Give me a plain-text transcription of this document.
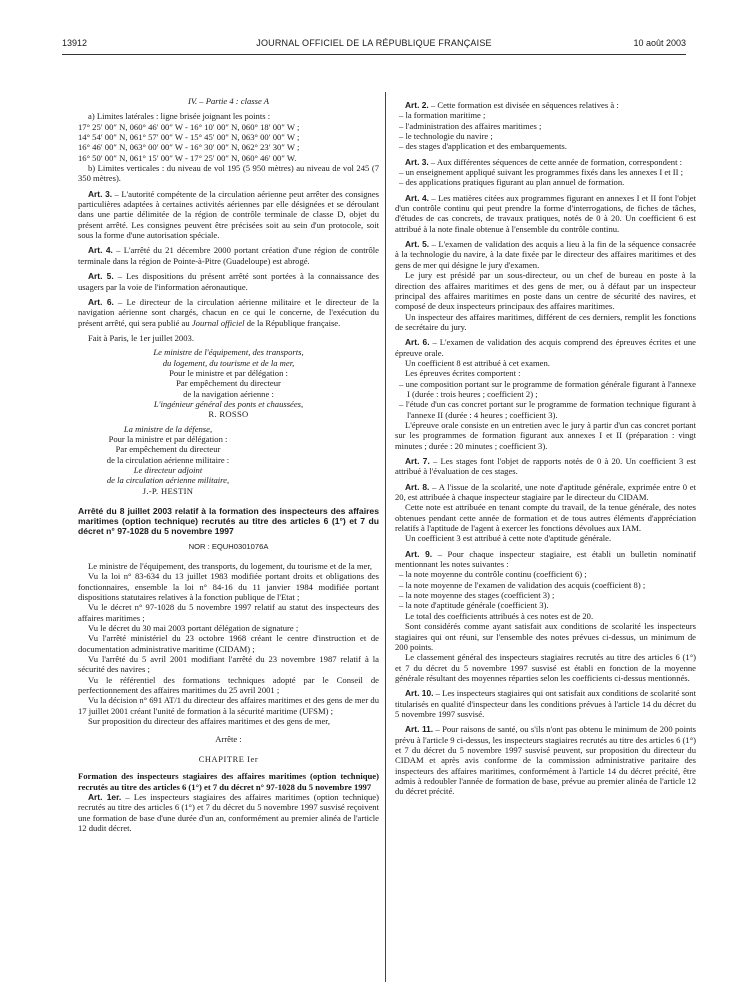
13912	JOURNAL OFFICIEL DE LA RÉPUBLIQUE FRANÇAISE	10 août 2003

IV. – Partie 4 : classe A

a) Limites latérales : ligne brisée joignant les points :

17° 25′ 00″ N, 060° 46′ 00″ W - 16° 10′ 00″ N, 060° 18′ 00″ W ;

14° 54′ 00″ N, 061° 57′ 00″ W - 15° 45′ 00″ N, 063° 00′ 00″ W ;

16° 46′ 00″ N, 063° 00′ 00″ W - 16° 30′ 00″ N, 062° 23′ 30″ W ;

16° 50′ 00″ N, 061° 15′ 00″ W - 17° 25′ 00″ N, 060° 46′ 00″ W.

b) Limites verticales : du niveau de vol 195 (5 950 mètres) au niveau de vol 245 (7 350 mètres).

Art. 3. – L'autorité compétente de la circulation aérienne peut arrêter des consignes particulières adaptées à certaines activités aériennes par elle désignées et se déroulant dans une partie délimitée de la région de contrôle terminale de classe D, objet du présent arrêté. Les consignes peuvent être précisées soit au sein d'un protocole, soit sous la forme d'une autorisation spéciale.

Art. 4. – L'arrêté du 21 décembre 2000 portant création d'une région de contrôle terminale dans la région de Pointe-à-Pitre (Guadeloupe) est abrogé.

Art. 5. – Les dispositions du présent arrêté sont portées à la connaissance des usagers par la voie de l'information aéronautique.

Art. 6. – Le directeur de la circulation aérienne militaire et le directeur de la navigation aérienne sont chargés, chacun en ce qui le concerne, de l'exécution du présent arrêté, qui sera publié au Journal officiel de la République française.

Fait à Paris, le 1er juillet 2003.

Le ministre de l'équipement, des transports,

du logement, du tourisme et de la mer,

Pour le ministre et par délégation :

Par empêchement du directeur

de la navigation aérienne :

L'ingénieur général des ponts et chaussées,

R. ROSSO

La ministre de la défense,

Pour la ministre et par délégation :

Par empêchement du directeur

de la circulation aérienne militaire :

Le directeur adjoint

de la circulation aérienne militaire,

J.-P. HESTIN

Arrêté du 8 juillet 2003 relatif à la formation des inspecteurs des affaires maritimes (option technique) recrutés au titre des articles 6 (1°) et 7 du décret n° 97-1028 du 5 novembre 1997

NOR : EQUH0301076A

Le ministre de l'équipement, des transports, du logement, du tourisme et de la mer,

Vu la loi n° 83-634 du 13 juillet 1983 modifiée portant droits et obligations des fonctionnaires, ensemble la loi n° 84-16 du 11 janvier 1984 modifiée portant dispositions statutaires relatives à la fonction publique de l'Etat ;

Vu le décret n° 97-1028 du 5 novembre 1997 relatif au statut des inspecteurs des affaires maritimes ;

Vu le décret du 30 mai 2003 portant délégation de signature ;

Vu l'arrêté ministériel du 23 octobre 1968 créant le centre d'instruction et de documentation administrative maritime (CIDAM) ;

Vu l'arrêté du 5 avril 2001 modifiant l'arrêté du 23 novembre 1987 relatif à la sécurité des navires ;

Vu le référentiel des formations techniques adopté par le Conseil de perfectionnement des affaires maritimes du 25 avril 2001 ;

Vu la décision n° 691 AT/1 du directeur des affaires maritimes et des gens de mer du 17 juillet 2001 créant l'unité de formation à la sécurité maritime (UFSM) ;

Sur proposition du directeur des affaires maritimes et des gens de mer,

Arrête :

CHAPITRE Ier

Formation des inspecteurs stagiaires des affaires maritimes (option technique) recrutés au titre des articles 6 (1°) et 7 du décret n° 97-1028 du 5 novembre 1997

Art. 1er. – Les inspecteurs stagiaires des affaires maritimes (option technique) recrutés au titre des articles 6 (1°) et 7 du décret du 5 novembre 1997 susvisé reçoivent une formation de base d'une durée d'un an, conformément au premier alinéa de l'article 12 dudit décret.

Art. 2. – Cette formation est divisée en séquences relatives à :

– la formation maritime ;

– l'administration des affaires maritimes ;

– le technologie du navire ;

– des stages d'application et des embarquements.

Art. 3. – Aux différentes séquences de cette année de formation, correspondent :

– un enseignement appliqué suivant les programmes fixés dans les annexes I et II ;

– des applications pratiques figurant au plan annuel de formation.

Art. 4. – Les matières citées aux programmes figurant en annexes I et II font l'objet d'un contrôle continu qui peut prendre la forme d'interrogations, de fiches de tâches, d'études de cas concrets, de travaux pratiques, notés de 0 à 20. Un coefficient 6 est attribué à la note finale obtenue à l'ensemble du contrôle continu.

Art. 5. – L'examen de validation des acquis a lieu à la fin de la séquence consacrée à la technologie du navire, à la date fixée par le directeur des affaires maritimes et des gens de mer qui désigne le jury d'examen.

Le jury est présidé par un sous-directeur, ou un chef de bureau en poste à la direction des affaires maritimes et des gens de mer, ou à défaut par un inspecteur principal des affaires maritimes en poste dans un centre de sécurité des navires, et composé de deux inspecteurs principaux des affaires maritimes.

Un inspecteur des affaires maritimes, différent de ces derniers, remplit les fonctions de secrétaire du jury.

Art. 6. – L'examen de validation des acquis comprend des épreuves écrites et une épreuve orale.

Un coefficient 8 est attribué à cet examen.

Les épreuves écrites comportent :

– une composition portant sur le programme de formation générale figurant à l'annexe I (durée : trois heures ; coefficient 2) ;

– l'étude d'un cas concret portant sur le programme de formation technique figurant à l'annexe II (durée : 4 heures ; coefficient 3).

L'épreuve orale consiste en un entretien avec le jury à partir d'un cas concret portant sur les programmes de formation figurant aux annexes I et II (préparation : vingt minutes ; durée : 20 minutes ; coefficient 3).

Art. 7. – Les stages font l'objet de rapports notés de 0 à 20. Un coefficient 3 est attribué à l'évaluation de ces stages.

Art. 8. – A l'issue de la scolarité, une note d'aptitude générale, exprimée entre 0 et 20, est attribuée à chaque inspecteur stagiaire par le directeur du CIDAM.

Cette note est attribuée en tenant compte du travail, de la tenue générale, des notes obtenues pendant cette année de formation et de tous autres éléments d'appréciation relatifs à l'aptitude de l'agent à exercer les fonctions dévolues aux IAM.

Un coefficient 3 est attribué à cette note d'aptitude générale.

Art. 9. – Pour chaque inspecteur stagiaire, est établi un bulletin nominatif mentionnant les notes suivantes :

– la note moyenne du contrôle continu (coefficient 6) ;

– la note moyenne de l'examen de validation des acquis (coefficient 8) ;

– la note moyenne des stages (coefficient 3) ;

– la note d'aptitude générale (coefficient 3).

Le total des coefficients attribués à ces notes est de 20.

Sont considérés comme ayant satisfait aux conditions de scolarité les inspecteurs stagiaires qui ont réuni, sur l'ensemble des notes prévues ci-dessus, un minimum de 200 points.

Le classement général des inspecteurs stagiaires recrutés au titre des articles 6 (1°) et 7 du décret du 5 novembre 1997 susvisé est établi en fonction de la moyenne générale résultant des moyennes réparties selon les coefficients ci-dessus mentionnés.

Art. 10. – Les inspecteurs stagiaires qui ont satisfait aux conditions de scolarité sont titularisés en qualité d'inspecteur dans les conditions prévues à l'article 14 du décret du 5 novembre 1997 susvisé.

Art. 11. – Pour raisons de santé, ou s'ils n'ont pas obtenu le minimum de 200 points prévu à l'article 9 ci-dessus, les inspecteurs stagiaires recrutés au titre des articles 6 (1°) et 7 du décret du 5 novembre 1997 susvisé peuvent, sur proposition du directeur du CIDAM et après avis conforme de la commission administrative paritaire des inspecteurs des affaires maritimes, conformément à l'article 14 du décret précité, être admis à redoubler l'année de formation de base, prévue au premier alinéa de l'article 12 du décret précité.
